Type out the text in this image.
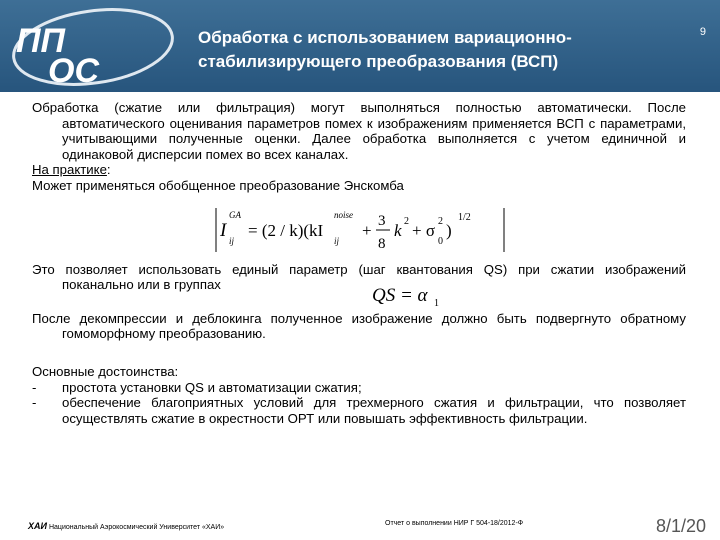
ПП
ОС
Обработка с использованием вариационно-стабилизирующего преобразования (ВСП)
9

Обработка (сжатие или фильтрация) могут выполняться полностью автоматически. После автоматического оценивания параметров помех к изображениям применяется ВСП с параметрами, учитывающими полученные оценки. Далее обработка выполняется с учетом единичной и одинаковой дисперсии помех во всех каналах.

На практике:

Может применяться обобщенное преобразование Энскомба

I
GA
ij
= (2 / k)(kI
noise
ij
+ 3
8
k 2 + σ 2
0
)
1/2

Это позволяет использовать единый параметр (шаг квантования QS) при сжатии изображений поканально или в группах

QS = α 1

После декомпрессии и деблокинга полученное изображение должно быть подвергнуто обратному гомоморфному преобразованию.

Основные достоинства:

- простота установки QS и автоматизации сжатия;
- обеспечение благоприятных условий для трехмерного сжатия и фильтрации, что позволяет осуществлять сжатие в окрестности ОРТ или повышать эффективность фильтрации.
ХАИ Национальный Аэрокосмический Университет «ХАИ»
Отчет о выполнении НИР Г 504-18/2012-Ф	8/1/20
